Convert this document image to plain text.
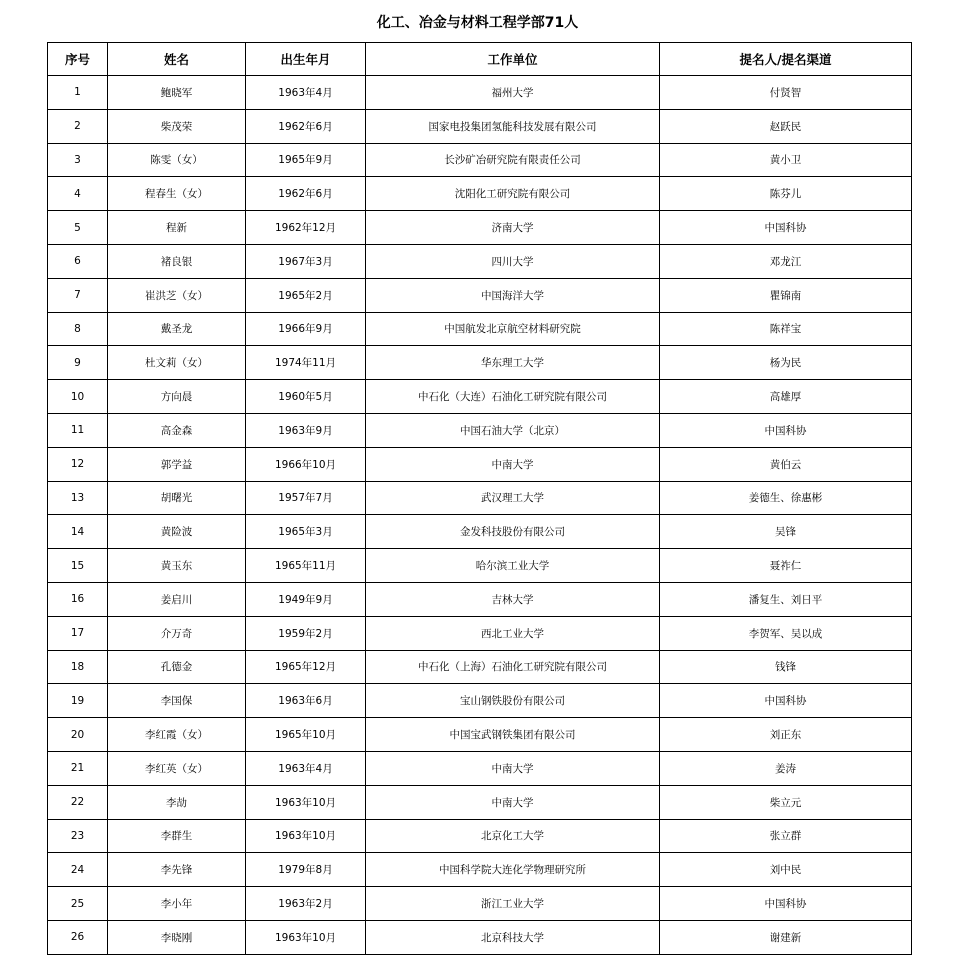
化工、冶金与材料工程学部71人
序号	姓名	出生年月	工作单位	提名人/提名渠道
1	鲍晓军	1963年4月	福州大学	付贤智
2	柴茂荣	1962年6月	国家电投集团氢能科技发展有限公司	赵跃民
3	陈雯（女）	1965年9月	长沙矿冶研究院有限责任公司	黄小卫
4	程春生（女）	1962年6月	沈阳化工研究院有限公司	陈芬儿
5	程新	1962年12月	济南大学	中国科协
6	褚良银	1967年3月	四川大学	邓龙江
7	崔洪芝（女）	1965年2月	中国海洋大学	瞿锦南
8	戴圣龙	1966年9月	中国航发北京航空材料研究院	陈祥宝
9	杜文莉（女）	1974年11月	华东理工大学	杨为民
10	方向晨	1960年5月	中石化（大连）石油化工研究院有限公司	高雄厚
11	高金森	1963年9月	中国石油大学（北京）	中国科协
12	郭学益	1966年10月	中南大学	黄伯云
13	胡曙光	1957年7月	武汉理工大学	姜德生、徐惠彬
14	黄险波	1965年3月	金发科技股份有限公司	吴锋
15	黄玉东	1965年11月	哈尔滨工业大学	聂祚仁
16	姜启川	1949年9月	吉林大学	潘复生、刘日平
17	介万奇	1959年2月	西北工业大学	李贺军、吴以成
18	孔德金	1965年12月	中石化（上海）石油化工研究院有限公司	钱锋
19	李国保	1963年6月	宝山钢铁股份有限公司	中国科协
20	李红霞（女）	1965年10月	中国宝武钢铁集团有限公司	刘正东
21	李红英（女）	1963年4月	中南大学	姜涛
22	李劼	1963年10月	中南大学	柴立元
23	李群生	1963年10月	北京化工大学	张立群
24	李先锋	1979年8月	中国科学院大连化学物理研究所	刘中民
25	李小年	1963年2月	浙江工业大学	中国科协
26	李晓刚	1963年10月	北京科技大学	谢建新
